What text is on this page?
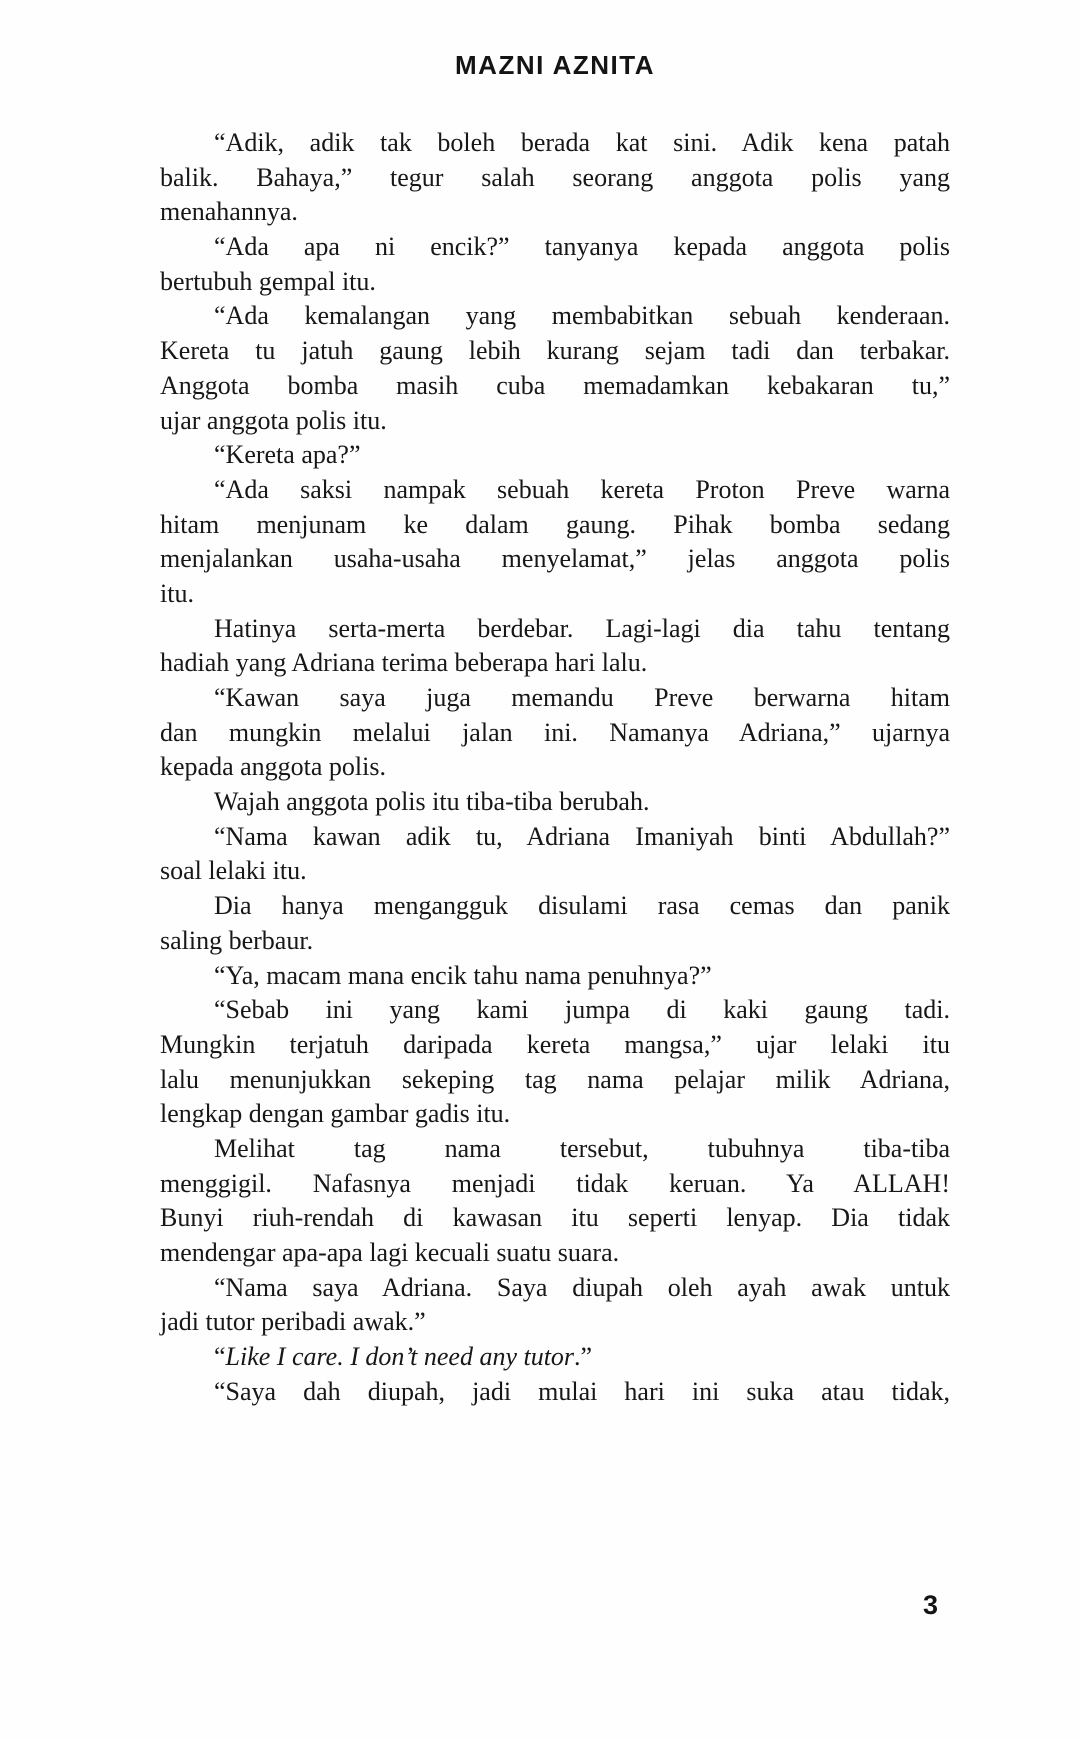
MAZNI AZNITA
“Adik, adik tak boleh berada kat sini. Adik kena patah
balik. Bahaya,” tegur salah seorang anggota polis yang
menahannya.
“Ada apa ni encik?” tanyanya kepada anggota polis
bertubuh gempal itu.
“Ada kemalangan yang membabitkan sebuah kenderaan.
Kereta tu jatuh gaung lebih kurang sejam tadi dan terbakar.
Anggota bomba masih cuba memadamkan kebakaran tu,”
ujar anggota polis itu.
“Kereta apa?”
“Ada saksi nampak sebuah kereta Proton Preve warna
hitam menjunam ke dalam gaung. Pihak bomba sedang
menjalankan usaha-usaha menyelamat,” jelas anggota polis
itu.
Hatinya serta-merta berdebar. Lagi-lagi dia tahu tentang
hadiah yang Adriana terima beberapa hari lalu.
“Kawan saya juga memandu Preve berwarna hitam
dan mungkin melalui jalan ini. Namanya Adriana,” ujarnya
kepada anggota polis.
Wajah anggota polis itu tiba-tiba berubah.
“Nama kawan adik tu, Adriana Imaniyah binti Abdullah?”
soal lelaki itu.
Dia hanya mengangguk disulami rasa cemas dan panik
saling berbaur.
“Ya, macam mana encik tahu nama penuhnya?”
“Sebab ini yang kami jumpa di kaki gaung tadi.
Mungkin terjatuh daripada kereta mangsa,” ujar lelaki itu
lalu menunjukkan sekeping tag nama pelajar milik Adriana,
lengkap dengan gambar gadis itu.
Melihat tag nama tersebut, tubuhnya tiba-tiba
menggigil. Nafasnya menjadi tidak keruan. Ya ALLAH!
Bunyi riuh-rendah di kawasan itu seperti lenyap. Dia tidak
mendengar apa-apa lagi kecuali suatu suara.
“Nama saya Adriana. Saya diupah oleh ayah awak untuk
jadi tutor peribadi awak.”
“Like I care. I don’t need any tutor.”
“Saya dah diupah, jadi mulai hari ini suka atau tidak,
3
